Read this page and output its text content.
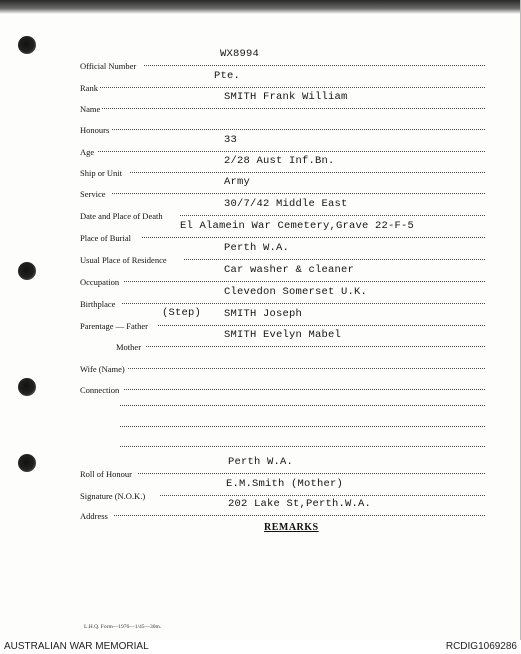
Official Number
WX8994
Rank
Pte.
Name
SMITH Frank William
Honours
Age
33
Ship or Unit
2/28 Aust Inf.Bn.
Service
Army
Date and Place of Death
30/7/42 Middle East
Place of Burial
El Alamein War Cemetery,Grave 22-F-5
Usual Place of Residence
Perth W.A.
Occupation
Car washer & cleaner
Birthplace
Clevedon Somerset U.K.
Parentage — Father
(Step) SMITH Joseph
Mother
SMITH Evelyn Mabel
Wife (Name)
Connection
Roll of Honour
Perth W.A.
Signature (N.O.K.)
E.M.Smith (Mother)
Address
202 Lake St,Perth.W.A.
REMARKS
L.H.Q. Form—1976—1/45—30m.
AUSTRALIAN WAR MEMORIAL	RCDIG1069286
